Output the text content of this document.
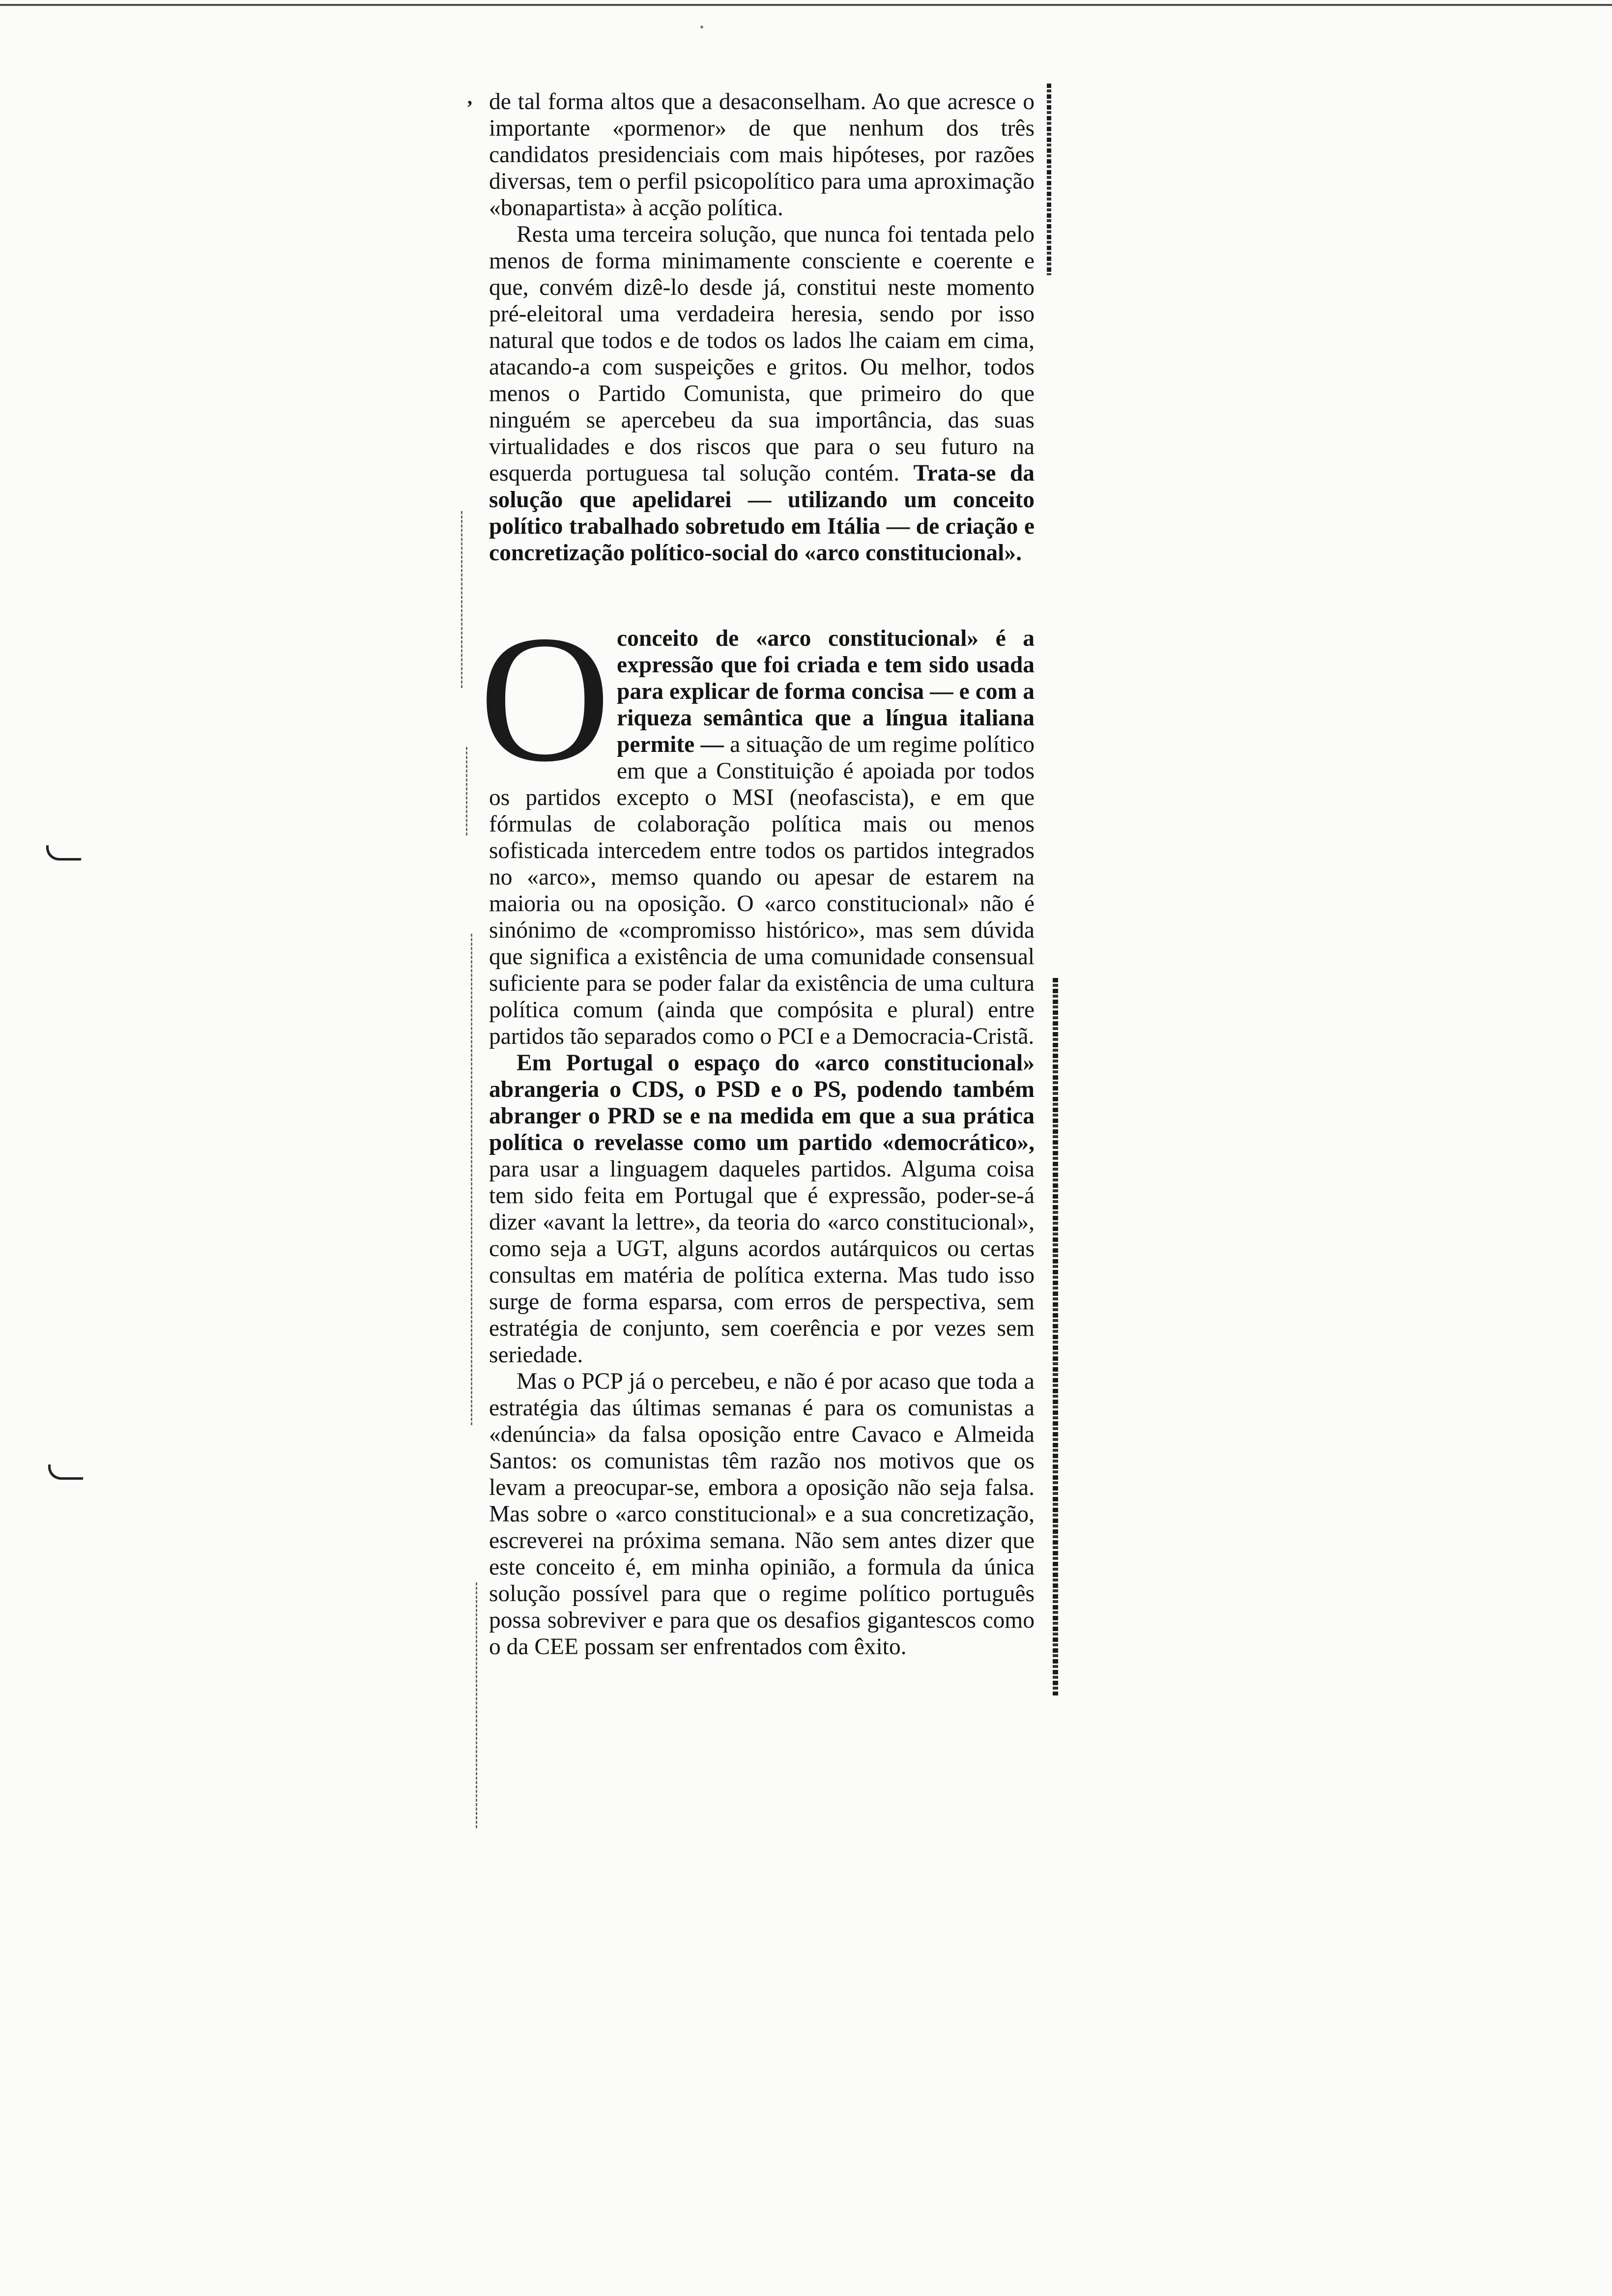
’ de tal forma altos que a desaconselham. Ao que acresce o importante «pormenor» de que nenhum dos três candidatos presidenciais com mais hipóteses, por razões diversas, tem o perfil psicopolítico para uma aproximação «bonapartista» à acção política.

Resta uma terceira solução, que nunca foi tentada pelo menos de forma minimamente consciente e coerente e que, convém dizê-lo desde já, constitui neste momento pré-eleitoral uma verdadeira heresia, sendo por isso natural que todos e de todos os lados lhe caiam em cima, atacando-a com suspeições e gritos. Ou melhor, todos menos o Partido Comunista, que primeiro do que ninguém se apercebeu da sua importância, das suas virtualidades e dos riscos que para o seu futuro na esquerda portuguesa tal solução contém. Trata-se da solução que apelidarei — utilizando um conceito político trabalhado sobretudo em Itália — de criação e concretização político-social do «arco constitucional».

Oconceito de «arco constitucional» é a expressão que foi criada e tem sido usada para explicar de forma concisa — e com a riqueza semântica que a língua italiana permite — a situação de um regime político em que a Constituição é apoiada por todos os partidos excepto o MSI (neofascista), e em que fórmulas de colaboração política mais ou menos sofisticada intercedem entre todos os partidos integrados no «arco», memso quando ou apesar de estarem na maioria ou na oposição. O «arco constitucional» não é sinónimo de «compromisso histórico», mas sem dúvida que significa a existência de uma comunidade consensual suficiente para se poder falar da existência de uma cultura política comum (ainda que compósita e plural) entre partidos tão separados como o PCI e a Democracia-Cristã.

Em Portugal o espaço do «arco constitucional» abrangeria o CDS, o PSD e o PS, podendo também abranger o PRD se e na medida em que a sua prática política o revelasse como um partido «democrático», para usar a linguagem daqueles partidos. Alguma coisa tem sido feita em Portugal que é expressão, poder-se-á dizer «avant la lettre», da teoria do «arco constitucional», como seja a UGT, alguns acordos autárquicos ou certas consultas em matéria de política externa. Mas tudo isso surge de forma esparsa, com erros de perspectiva, sem estratégia de conjunto, sem coerência e por vezes sem seriedade.

Mas o PCP já o percebeu, e não é por acaso que toda a estratégia das últimas semanas é para os comunistas a «denúncia» da falsa oposição entre Cavaco e Almeida Santos: os comunistas têm razão nos motivos que os levam a preocupar-se, embora a oposição não seja falsa. Mas sobre o «arco constitucional» e a sua concretização, escreverei na próxima semana. Não sem antes dizer que este conceito é, em minha opinião, a formula da única solução possível para que o regime político português possa sobreviver e para que os desafios gigantescos como o da CEE possam ser enfrentados com êxito.
